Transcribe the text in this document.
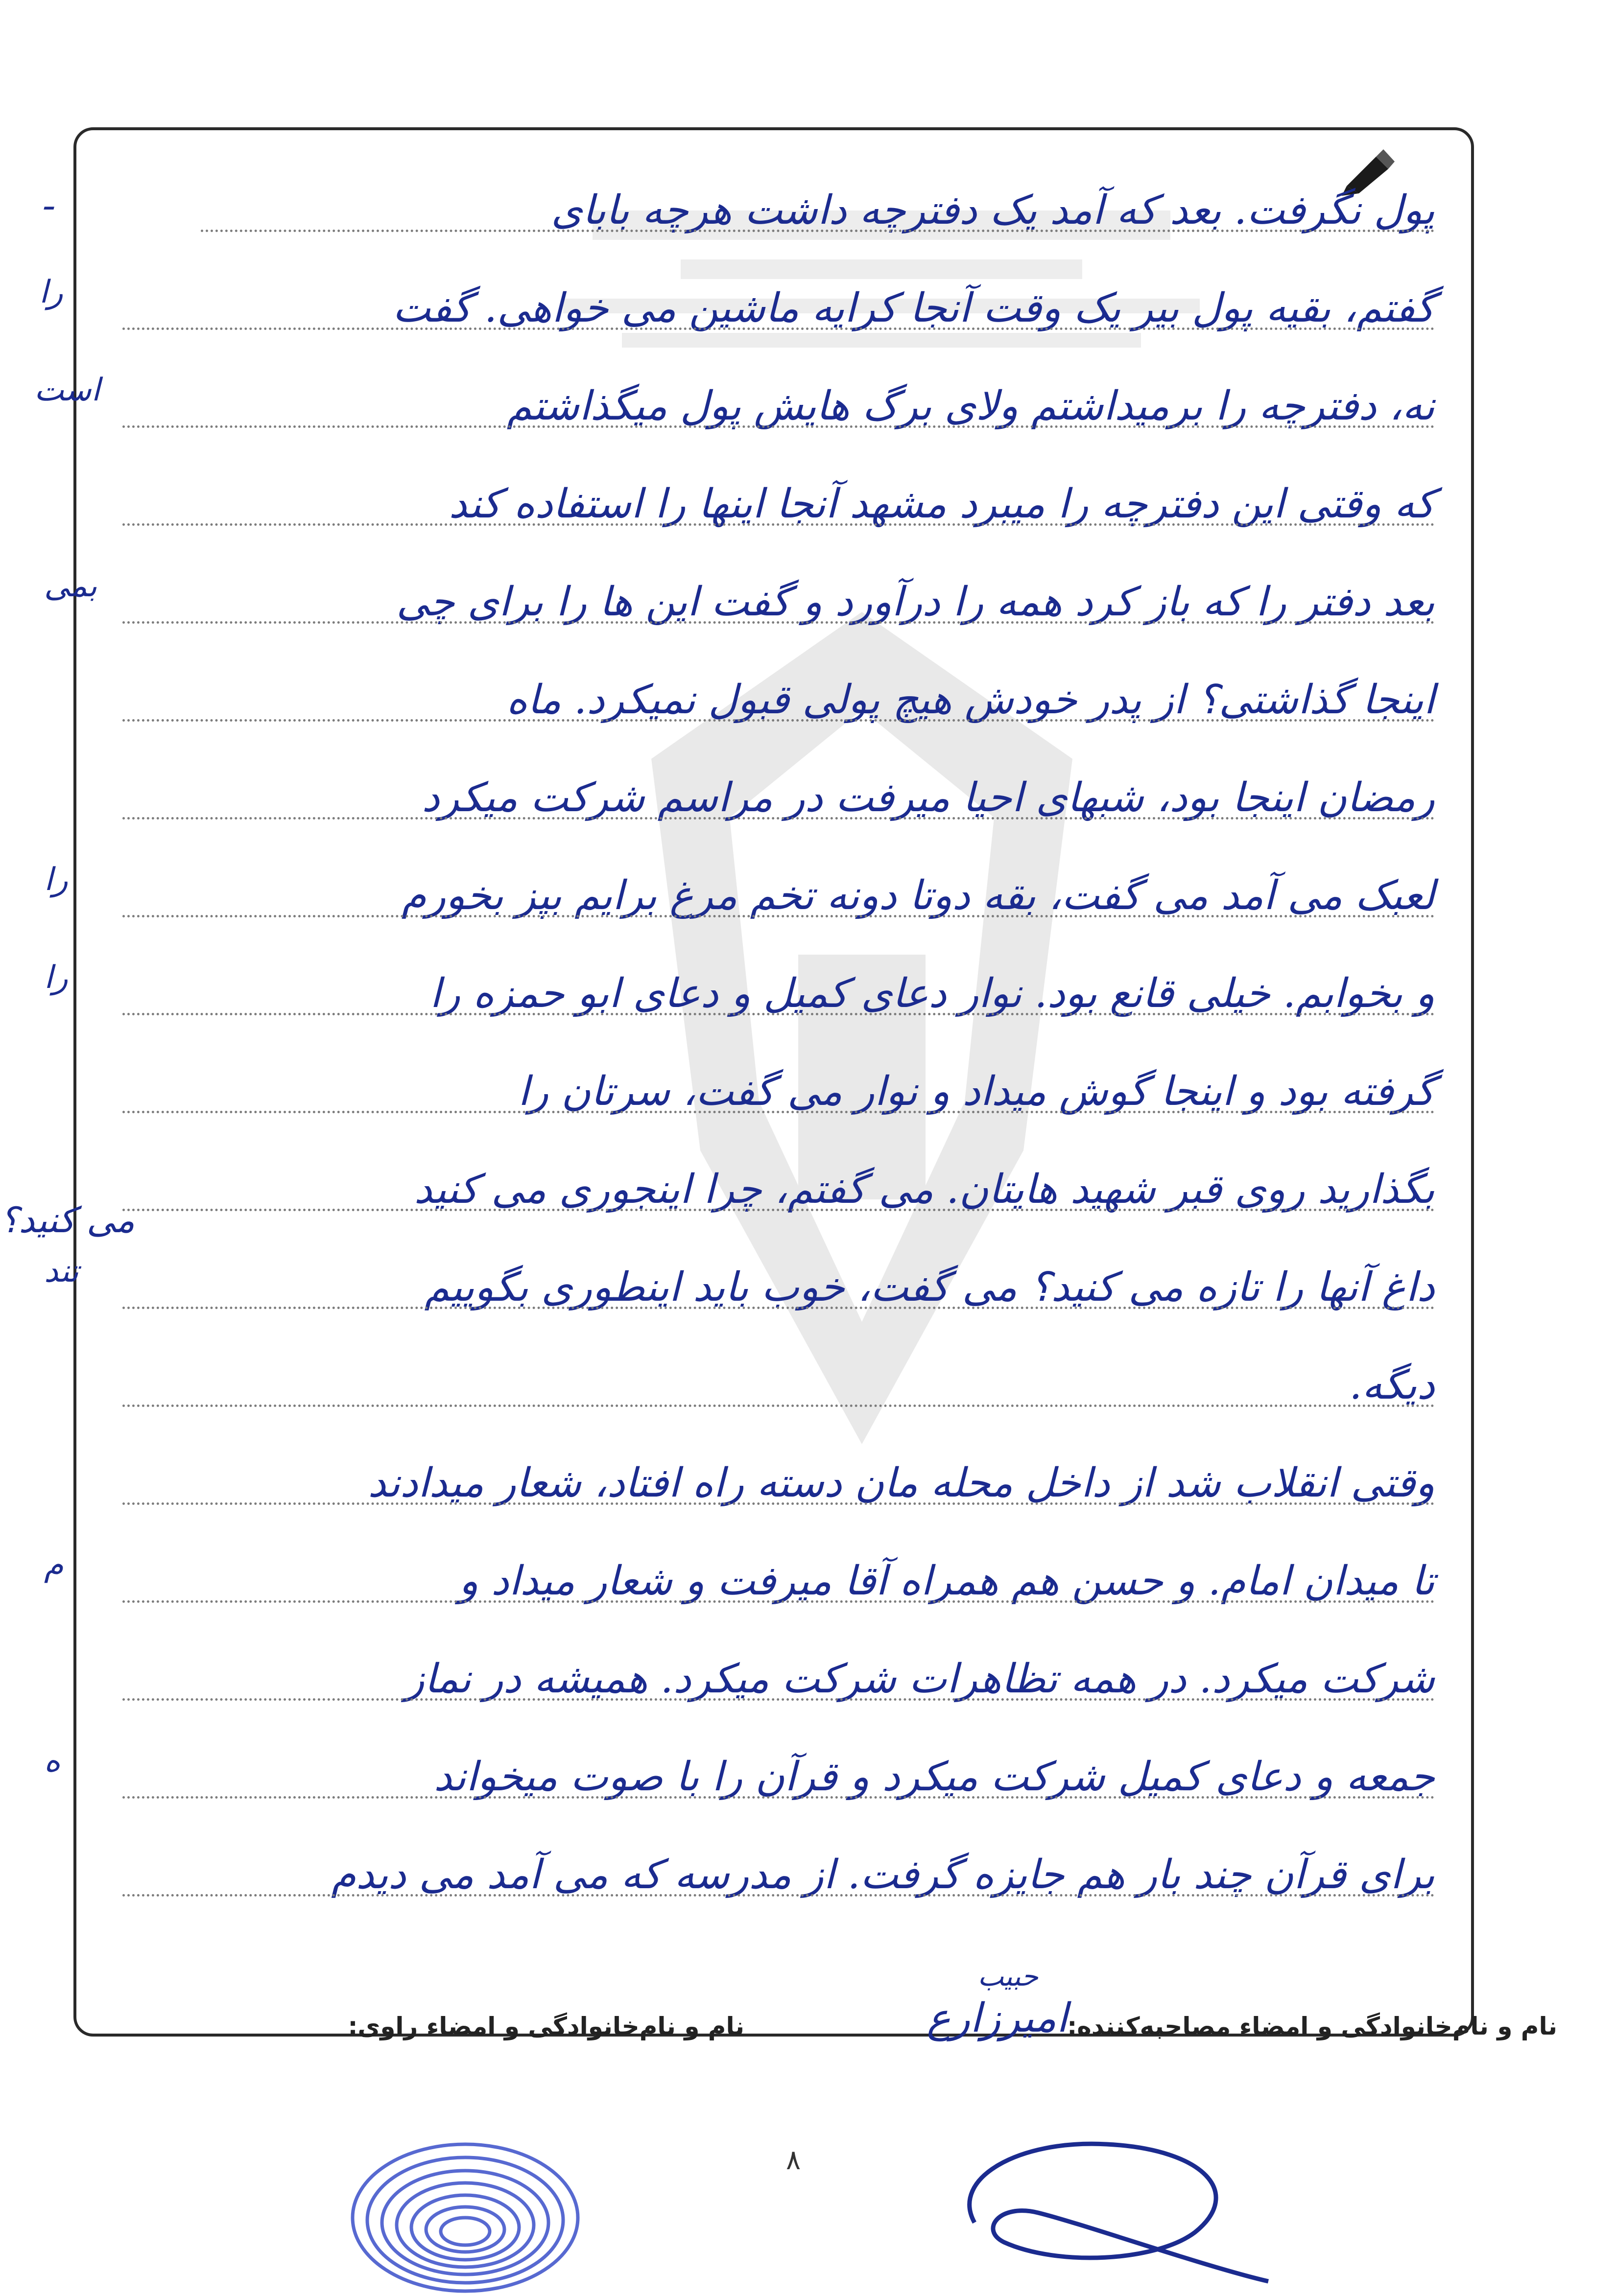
پول نگرفت. بعد که آمد یک دفترچه داشت هرچه بابای
گفتم، بقیه پول بیر یک وقت آنجا کرایه ماشین می خواهی. گفت
نه، دفترچه را برمیداشتم ولای برگ هایش پول میگذاشتم
که وقتی این دفترچه را میبرد مشهد آنجا اینها را استفاده کند
بعد دفتر را که باز کرد همه را درآورد و گفت این ها را برای چی
اینجا گذاشتی؟ از پدر خودش هیچ پولی قبول نمیکرد. ماه
رمضان اینجا بود، شبهای احیا میرفت در مراسم شرکت میکرد
لعبک می آمد می گفت، بقه دوتا دونه تخم مرغ برایم بپز بخورم
و بخوابم. خیلی قانع بود. نوار دعای کمیل و دعای ابو حمزه را
گرفته بود و اینجا گوش میداد و نوار می گفت، سرتان را
بگذارید روی قبر شهید هایتان. می گفتم، چرا اینجوری می کنید
داغ آنها را تازه می کنید؟ می گفت، خوب باید اینطوری بگوییم
دیگه.
وقتی انقلاب شد از داخل محله مان دسته راه افتاد، شعار میدادند
تا میدان امام. و حسن هم همراه آقا میرفت و شعار میداد و
شرکت میکرد. در همه تظاهرات شرکت میکرد. همیشه در نماز
جمعه و دعای کمیل شرکت میکرد و قرآن را با صوت میخواند
برای قرآن چند بار هم جایزه گرفت. از مدرسه که می آمد می دیدم
ـ
را
است
بمی
را
را
تند
م
ه
می کنید؟
نام و نام‌خانوادگی و امضاء مصاحبه‌کننده:
امیرزارع
حبیب
نام و نام‌خانوادگی و امضاء راوی:
۸
